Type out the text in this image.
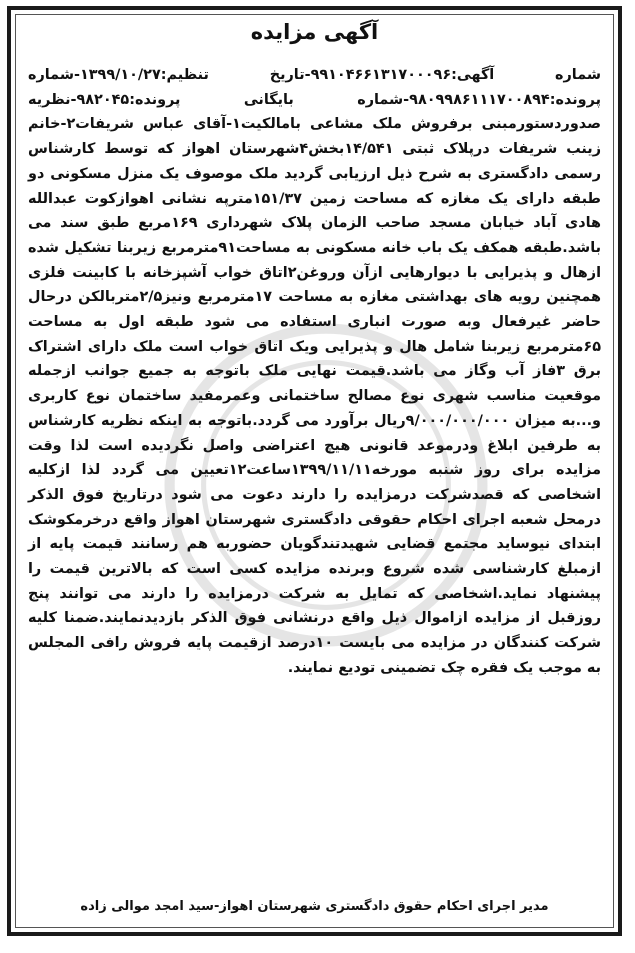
آگهی مزایده
شماره آگهی:۹۹۱۰۴۶۶۱۳۱۷۰۰۰۹۶-تاریخ تنظیم:۱۳۹۹/۱۰/۲۷-شماره پرونده:۹۸۰۹۹۸۶۱۱۱۷۰۰۸۹۴-شماره بایگانی پرونده:۹۸۲۰۴۵-نظریه صدوردستورمبنی برفروش ملک مشاعی بامالکیت۱-آقای عباس شریفات۲-خانم زینب شریفات درپلاک ثبتی ۱۴/۵۴۱بخش۴شهرستان اهواز که توسط کارشناس رسمی دادگستری به شرح ذیل ارزیابی گردید ملک موصوف یک منزل مسکونی دو طبقه دارای یک مغازه که مساحت زمین ۱۵۱/۳۷مترپه نشانی اهوازکوت عبدالله هادی آباد خیابان مسجد صاحب الزمان پلاک شهرداری ۱۶۹مربع طبق سند می باشد.طبقه همکف یک باب خانه مسکونی به مساحت۹۱مترمربع زیربنا تشکیل شده ازهال و پذیرایی با دیوارهایی ازآن وروغن۲اتاق خواب آشپزخانه با کابینت فلزی همچنین رویه های بهداشتی مغازه به مساحت ۱۷مترمربع ونیز۲/۵متربالکن درحال حاضر غیرفعال وبه صورت انباری استفاده می شود طبقه اول به مساحت ۶۵مترمربع زیربنا شامل هال و پذیرایی ویک اتاق خواب است ملک دارای اشتراک برق ۳فاز آب وگاز می باشد.قیمت نهایی ملک باتوجه به جمیع جوانب ازجمله موقعیت مناسب شهری نوع مصالح ساختمانی وعمرمفید ساختمان نوع کاربری و...به میزان ۹/۰۰۰/۰۰۰/۰۰۰ریال برآورد می گردد.باتوجه به اینکه نظریه کارشناس به طرفین ابلاغ ودرموعد قانونی هیچ اعتراضی واصل نگردیده است لذا وقت مزایده برای روز شنبه مورخه۱۳۹۹/۱۱/۱۱ساعت۱۲تعیین می گردد لذا ازکلیه اشخاصی که قصدشرکت درمزایده را دارند دعوت می شود درتاریخ فوق الذکر درمحل شعبه اجرای احکام حقوقی دادگستری شهرستان اهواز واقع درخرمکوشک ابتدای نیوساید مجتمع قضایی شهیدتندگویان حضوربه هم رسانند قیمت پایه از ازمبلغ کارشناسی شده شروع وبرنده مزایده کسی است که بالاترین قیمت را پیشنهاد نماید.اشخاصی که تمایل به شرکت درمزایده را دارند می توانند پنج روزقبل از مزایده ازاموال ذیل واقع درنشانی فوق الذکر بازدیدنمایند.ضمنا کلیه شرکت کنندگان در مزایده می بایست ۱۰درصد ازقیمت پایه فروش رافی المجلس به موجب یک فقره چک تضمینی تودیع نمایند.
مدیر اجرای احکام حقوق دادگستری شهرستان اهواز-سید امجد موالی زاده
